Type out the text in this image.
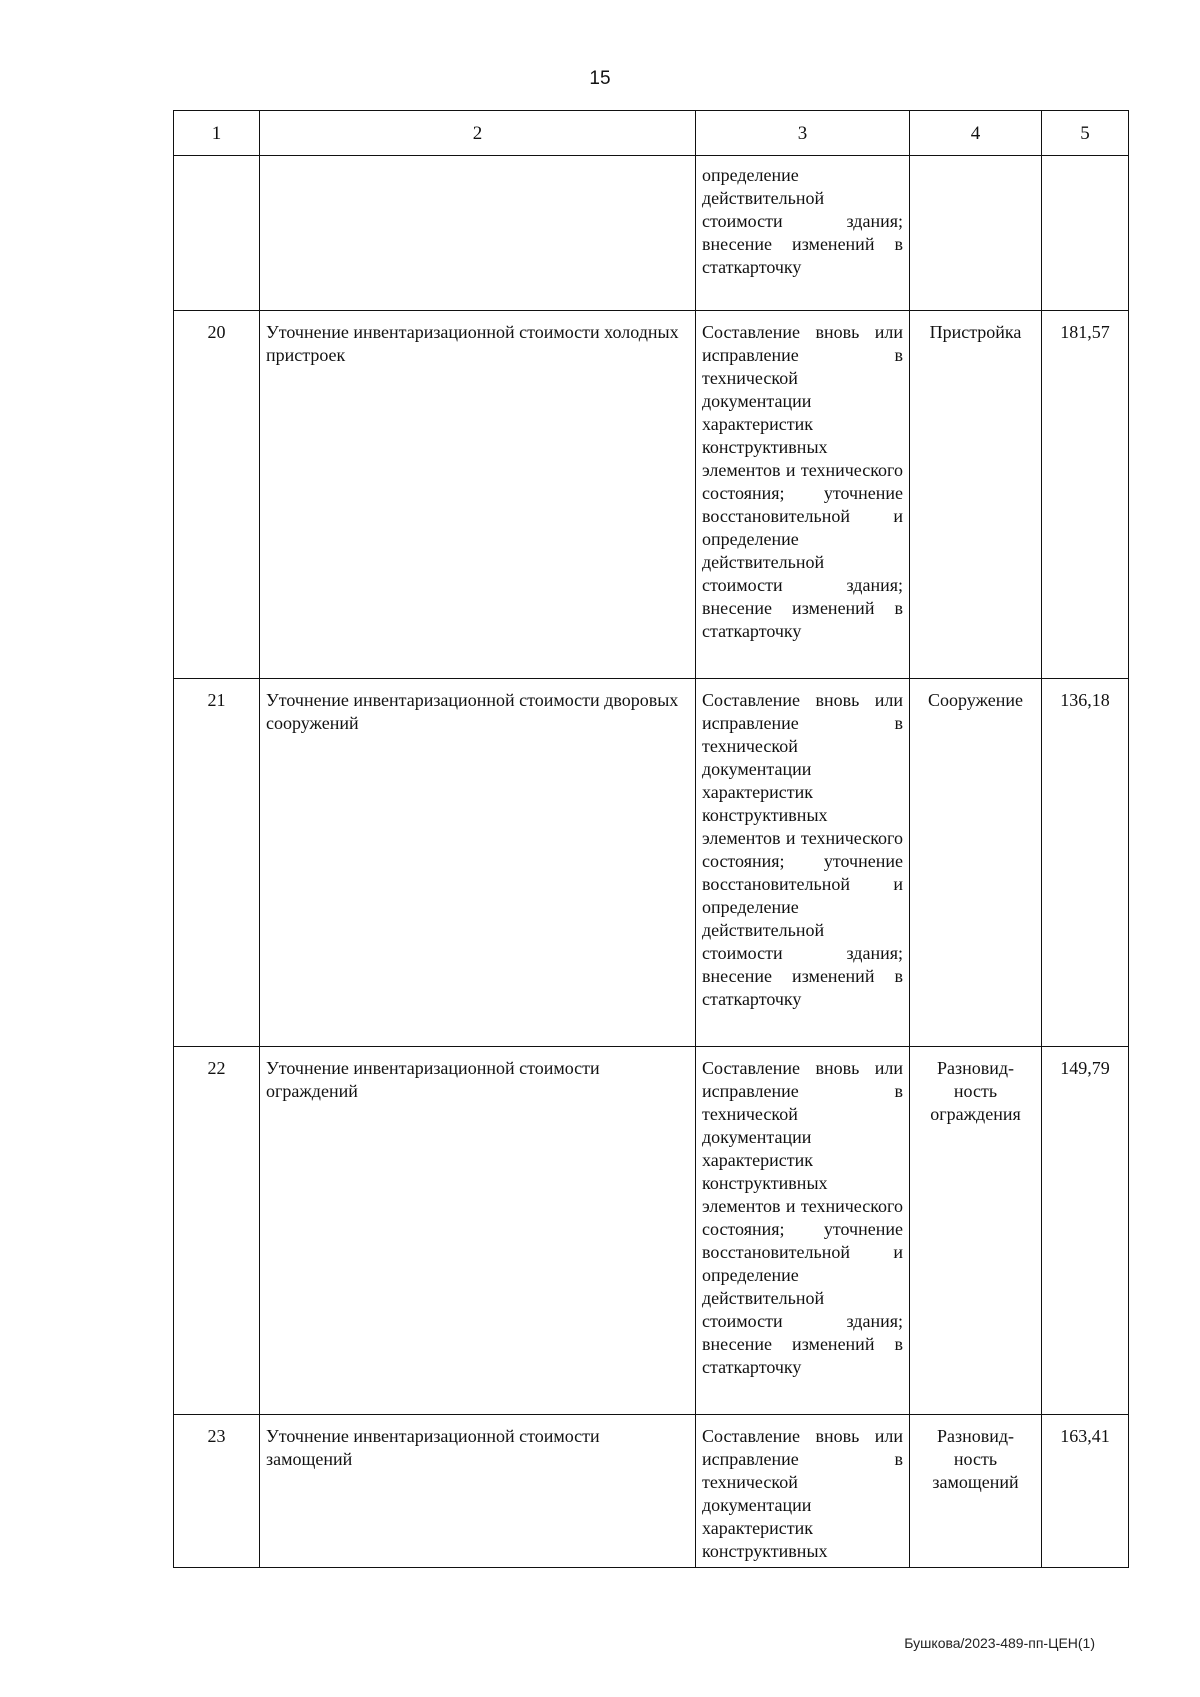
15
1	2	3	4	5
		определение действительной стоимости здания; внесение изменений в статкарточку		
20	Уточнение инвентаризационной стоимости холодных пристроек	Составление вновь или исправление в технической документации характеристик конструктивных элементов и технического состояния; уточнение восстановительной и определение действительной стоимости здания; внесение изменений в статкарточку	Пристройка	181,57
21	Уточнение инвентаризационной стоимости дворовых сооружений	Составление вновь или исправление в технической документации характеристик конструктивных элементов и технического состояния; уточнение восстановительной и определение действительной стоимости здания; внесение изменений в статкарточку	Сооружение	136,18
22	Уточнение инвентаризационной стоимости ограждений	Составление вновь или исправление в технической документации характеристик конструктивных элементов и технического состояния; уточнение восстановительной и определение действительной стоимости здания; внесение изменений в статкарточку	Разновид-ность ограждения	149,79
23	Уточнение инвентаризационной стоимости замощений	Составление вновь или исправление в технической документации характеристик конструктивных	Разновид-ность замощений	163,41
Бушкова/2023-489-пп-ЦЕН(1)
